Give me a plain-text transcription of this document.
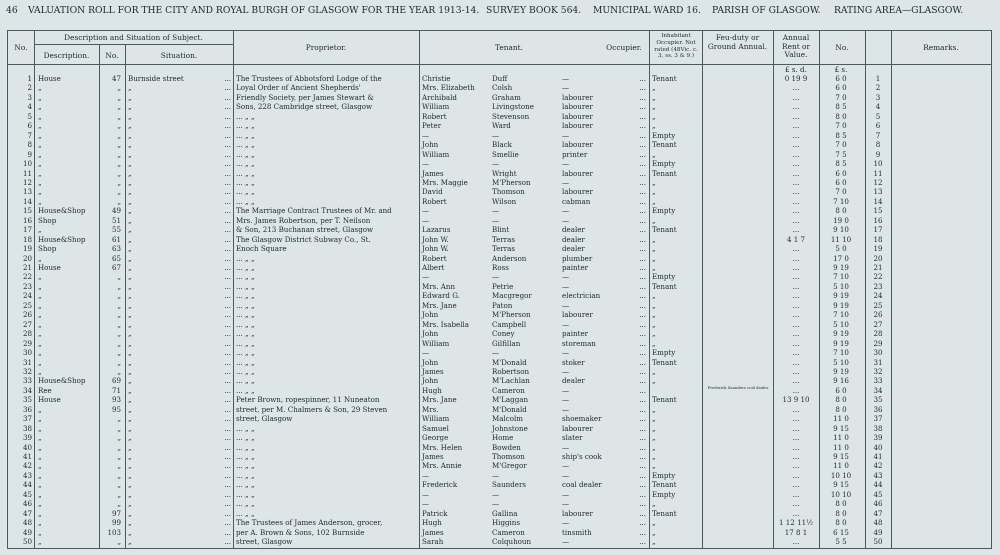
46 VALUATION ROLL FOR THE CITY AND ROYAL BURGH OF GLASGOW FOR THE YEAR 1913-14. SURVEY BOOK 564. MUNICIPAL WARD 16. PARISH OF GLASGOW. RATING AREA—GLASGOW.
No.
Description and Situation of Subject.
Description.	No.	Situation.
Proprietor.	Tenant.	Occupier.
Inhabitant Occupier. Not rated (48Vic. c. 3, ss. 3 & 9.)
Feu-duty or Ground Annual.
Annual Rent or Value.
No.	Remarks.
£ s. d.	£ s.
1 House	47 Burnside street	... The Trustees of Abbotsford Lodge of the	Christie	Duff	—	... Tenant	0 19 9	6 0	1
2 „	„ „	... Loyal Order of Ancient Shepherds'	Mrs. Elizabeth	Colsh	—	... „	...	6 0	2
3 „	„ „	... Friendly Society, per James Stewart &	Archibald	Graham	labourer	... „	...	7 0	3
4 „	„ „	... Sons, 228 Cambridge street, Glasgow	William	Livingstone	labourer	... „	...	8 5	4
5 „	„ „	... ... „ „	Robert	Stevenson	labourer	... „	...	8 0	5
6 „	„ „	... ... „ „	Peter	Ward	labourer	... „	...	7 0	6
7 „	„ „	... ... „ „	—	—	—	... Empty	...	8 5	7
8 „	„ „	... ... „ „	John	Black	labourer	... Tenant	...	7 0	8
9 „	„ „	... ... „ „	William	Smellie	printer	... „	...	7 5	9
10 „	„ „	... ... „ „	—	—	—	... Empty	...	8 5	10
11 „	„ „	... ... „ „	James	Wright	labourer	... Tenant	...	6 0	11
12 „	„ „	... ... „ „	Mrs. Maggie	M'Pherson	—	... „	...	6 0	12
13 „	„ „	... ... „ „	David	Thomson	labourer	... „	...	7 0	13
14 „	„ „	... ... „ „	Robert	Wilson	cabman	... „	...	7 10	14
15 House&Shop	49 „	... The Marriage Contract Trustees of Mr. and	—	—	—	... Empty	...	8 0	15
16 Shop	51 „	... Mrs. James Robertson, per T. Neilson	—	—	—	... „	...	19 0	16
17 „	55 „	... & Son, 213 Buchanan street, Glasgow	Lazarus	Blint	dealer	... Tenant	...	9 10	17
18 House&Shop	61 „	... The Glasgow District Subway Co., St.	John W.	Terras	dealer	... „	4 1 7	11 10	18
19 Shop	63 „	... Enoch Square	John W.	Terras	dealer	... „	...	5 0	19
20 „	65 „	... ... „ „	Robert	Anderson	plumber	... „	...	17 0	20
21 House	67 „	... ... „ „	Albert	Ross	painter	... „	...	9 19	21
22 „	„ „	... ... „ „	—	—	—	... Empty	...	7 10	22
23 „	„ „	... ... „ „	Mrs. Ann	Petrie	—	... Tenant	...	5 10	23
24 „	„ „	... ... „ „	Edward G.	Macgregor	electrician	... „	...	9 19	24
25 „	„ „	... ... „ „	Mrs. Jane	Paton	—	... „	...	9 19	25
26 „	„ „	... ... „ „	John	M'Pherson	labourer	... „	...	7 10	26
27 „	„ „	... ... „ „	Mrs. Isabella	Campbell	—	... „	...	5 10	27
28 „	„ „	... ... „ „	John	Coney	painter	... „	...	9 19	28
29 „	„ „	... ... „ „	William	Gilfillan	storeman	... „	...	9 19	29
30 „	„ „	... ... „ „	—	—	—	... Empty	...	7 10	30
31 „	„ „	... ... „ „	John	M'Donald	stoker	... Tenant	...	5 10	31
32 „	„ „	... ... „ „	James	Robertson	—	... „	...	9 19	32
33 House&Shop	69 „	... ... „ „	John	M'Lachlan	dealer	... „	...	9 16	33
34 Ree	71 „	... ... „ „	Hugh	Cameron	—	...	Frederick Saunders coal dealer	...	6 0	34
35 House	93 „	... Peter Brown, ropespinner, 11 Nuneaton	Mrs. Jane	M'Laggan	—	... Tenant	13 9 10	8 0	35
36 „	95 „	... street, per M. Chalmers & Son, 29 Steven	Mrs.	M'Donald	—	... „	...	8 0	36
37 „	„ „	... street, Glasgow	William	Malcolm	shoemaker	... „	...	11 0	37
38 „	„ „	... ... „ „	Samuel	Johnstone	labourer	... „	...	9 15	38
39 „	„ „	... ... „ „	George	Home	slater	... „	...	11 0	39
40 „	„ „	... ... „ „	Mrs. Helen	Bowden	—	... „	...	11 0	40
41 „	„ „	... ... „ „	James	Thomson	ship's cook	... „	...	9 15	41
42 „	„ „	... ... „ „	Mrs. Annie	M'Gregor	—	... „	...	11 0	42
43 „	„ „	... ... „ „	—	—	—	... Empty	...	10 10	43
44 „	„ „	... ... „ „	Frederick	Saunders	coal dealer	... Tenant	...	9 15	44
45 „	„ „	... ... „ „	—	—	—	... Empty	...	10 10	45
46 „	„ „	... ... „ „	—	—	—	... „	...	8 0	46
47 „	97 „	... ... „ „	Patrick	Gallina	labourer	... Tenant	...	8 0	47
48 „	99 „	... The Trustees of James Anderson, grocer,	Hugh	Higgins	—	... „	1 12 11½	8 0	48
49 „	103 „	... per A. Brown & Sons, 102 Burnside	James	Cameron	tinsmith	... „	17 8 1	6 15	49
50 „	„ „	... street, Glasgow	Sarah	Colquhoun	—	... „	...	5 5	50
